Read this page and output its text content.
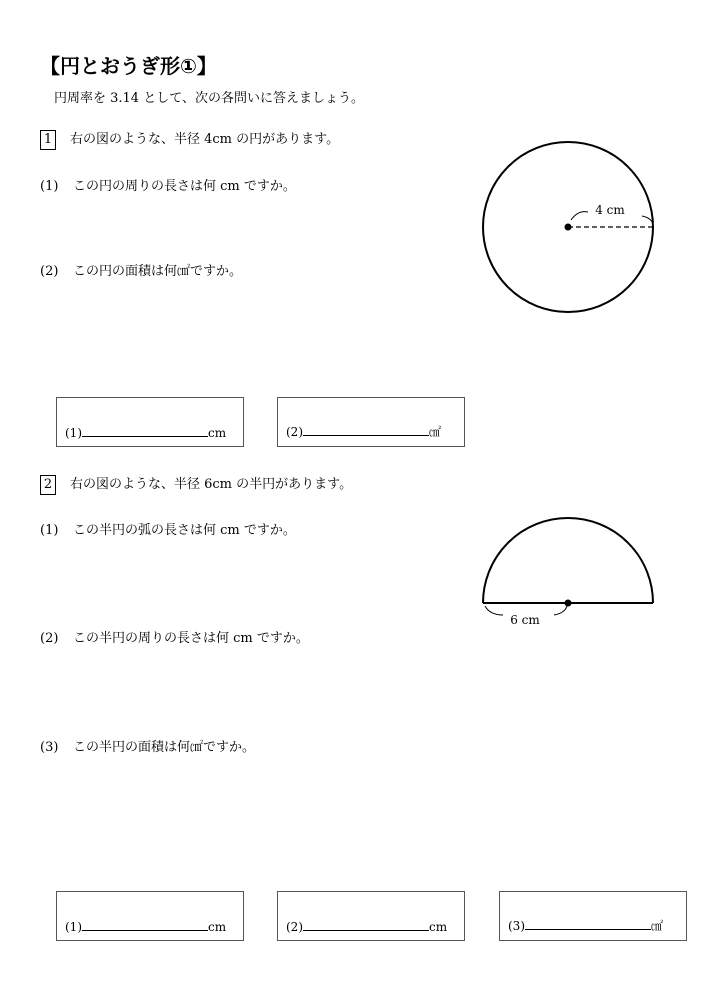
【円とおうぎ形①】
円周率を 3.14 として、次の各問いに答えましょう。
1 右の図のような、半径 4cm の円があります。
(1) この円の周りの長さは何 cm ですか。
(2) この円の面積は何㎠ですか。
4 cm
(1)	cm	(2)	㎠
2 右の図のような、半径 6cm の半円があります。
(1) この半円の弧の長さは何 cm ですか。
(2) この半円の周りの長さは何 cm ですか。
(3) この半円の面積は何㎠ですか。
6 cm
(1)	cm	(2)	cm	(3)	㎠
